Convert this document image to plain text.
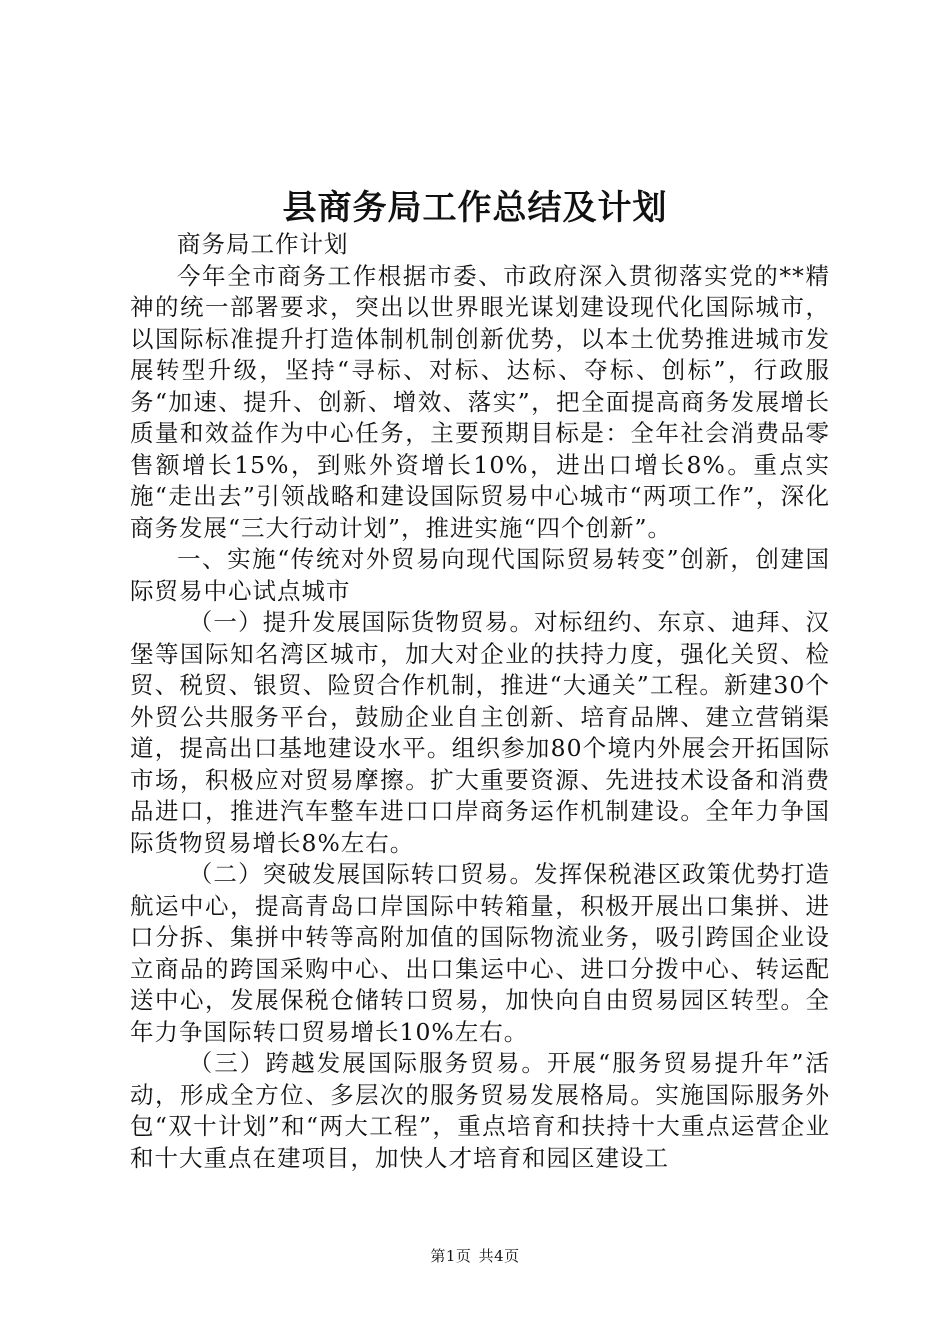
县商务局工作总结及计划

商务局工作计划

今年全市商务工作根据市委、市政府深入贯彻落实党的**精神的统一部署要求，突出以世界眼光谋划建设现代化国际城市，以国际标准提升打造体制机制创新优势，以本土优势推进城市发展转型升级，坚持“寻标、对标、达标、夺标、创标”，行政服务“加速、提升、创新、增效、落实”，把全面提高商务发展增长质量和效益作为中心任务，主要预期目标是：全年社会消费品零售额增长15%，到账外资增长10%，进出口增长8%。重点实施“走出去”引领战略和建设国际贸易中心城市“两项工作”，深化商务发展“三大行动计划”，推进实施“四个创新”。

一、实施“传统对外贸易向现代国际贸易转变”创新，创建国际贸易中心试点城市

（一）提升发展国际货物贸易。对标纽约、东京、迪拜、汉堡等国际知名湾区城市，加大对企业的扶持力度，强化关贸、检贸、税贸、银贸、险贸合作机制，推进“大通关”工程。新建30个外贸公共服务平台，鼓励企业自主创新、培育品牌、建立营销渠道，提高出口基地建设水平。组织参加80个境内外展会开拓国际市场，积极应对贸易摩擦。扩大重要资源、先进技术设备和消费品进口，推进汽车整车进口口岸商务运作机制建设。全年力争国际货物贸易增长8%左右。

（二）突破发展国际转口贸易。发挥保税港区政策优势打造航运中心，提高青岛口岸国际中转箱量，积极开展出口集拼、进口分拆、集拼中转等高附加值的国际物流业务，吸引跨国企业设立商品的跨国采购中心、出口集运中心、进口分拨中心、转运配送中心，发展保税仓储转口贸易，加快向自由贸易园区转型。全年力争国际转口贸易增长10%左右。

（三）跨越发展国际服务贸易。开展“服务贸易提升年”活动，形成全方位、多层次的服务贸易发展格局。实施国际服务外包“双十计划”和“两大工程”，重点培育和扶持十大重点运营企业和十大重点在建项目，加快人才培育和园区建设工

第1页 共4页
